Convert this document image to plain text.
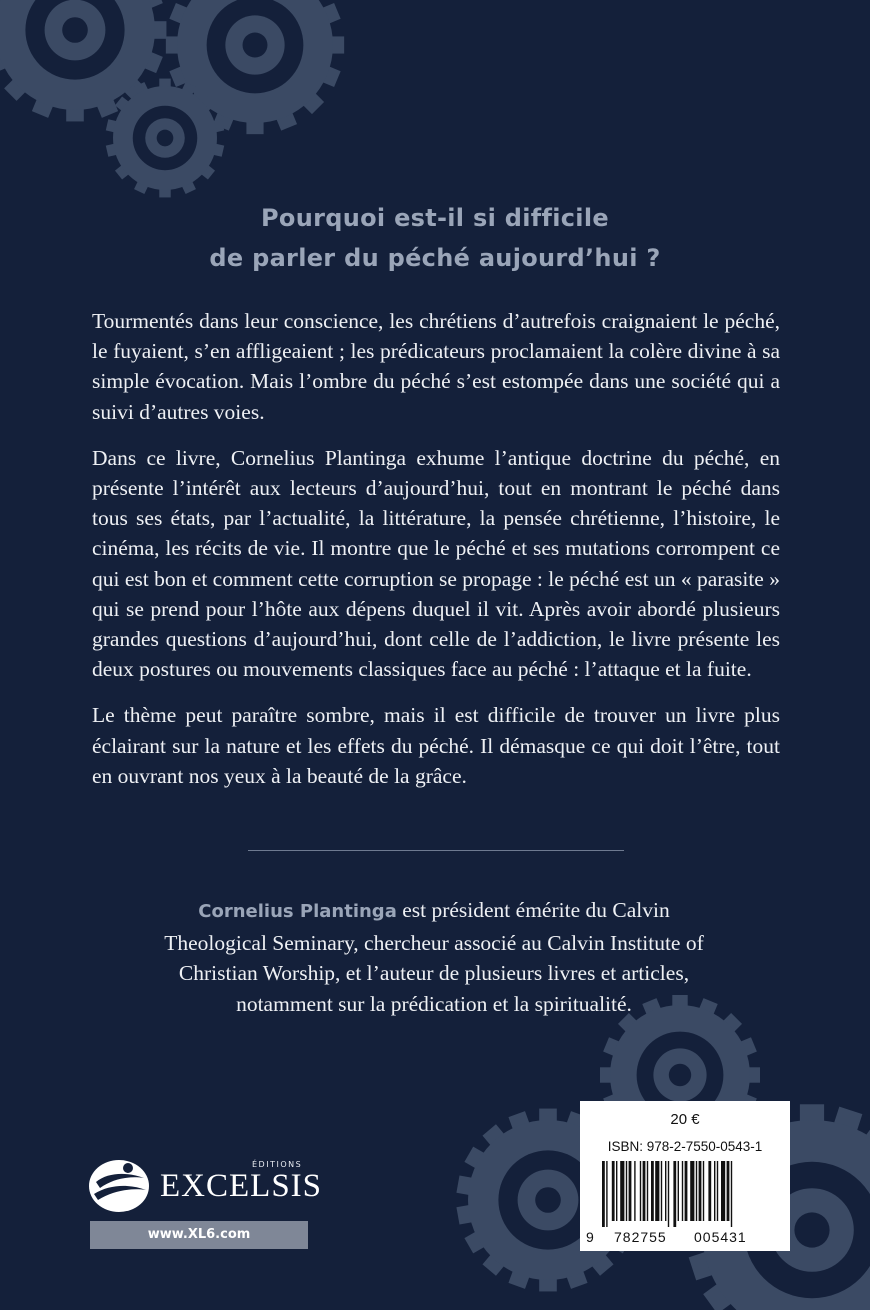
Pourquoi est-il si difficile
de parler du péché aujourd’hui ?

Tourmentés dans leur conscience, les chrétiens d’autrefois craignaient le péché, le fuyaient, s’en affligeaient ; les prédicateurs proclamaient la colère divine à sa simple évocation. Mais l’ombre du péché s’est estompée dans une société qui a suivi d’autres voies.

Dans ce livre, Cornelius Plantinga exhume l’antique doctrine du péché, en présente l’intérêt aux lecteurs d’aujourd’hui, tout en montrant le péché dans tous ses états, par l’actualité, la littérature, la pensée chrétienne, l’histoire, le cinéma, les récits de vie. Il montre que le péché et ses mutations corrompent ce qui est bon et comment cette corruption se propage : le péché est un « parasite » qui se prend pour l’hôte aux dépens duquel il vit. Après avoir abordé plusieurs grandes questions d’aujourd’hui, dont celle de l’addiction, le livre présente les deux postures ou mouvements classiques face au péché : l’attaque et la fuite.

Le thème peut paraître sombre, mais il est difficile de trouver un livre plus éclairant sur la nature et les effets du péché. Il démasque ce qui doit l’être, tout en ouvrant nos yeux à la beauté de la grâce.

Cornelius Plantinga est président émérite du Calvin Theological Seminary, chercheur associé au Calvin Institute of Christian Worship, et l’auteur de plusieurs livres et articles, notamment sur la prédication et la spiritualité.
ÉDITIONS
EXCELSIS
www.XL6.com
20 €
ISBN: 978-2-7550-0543-1
9 782755 005431
